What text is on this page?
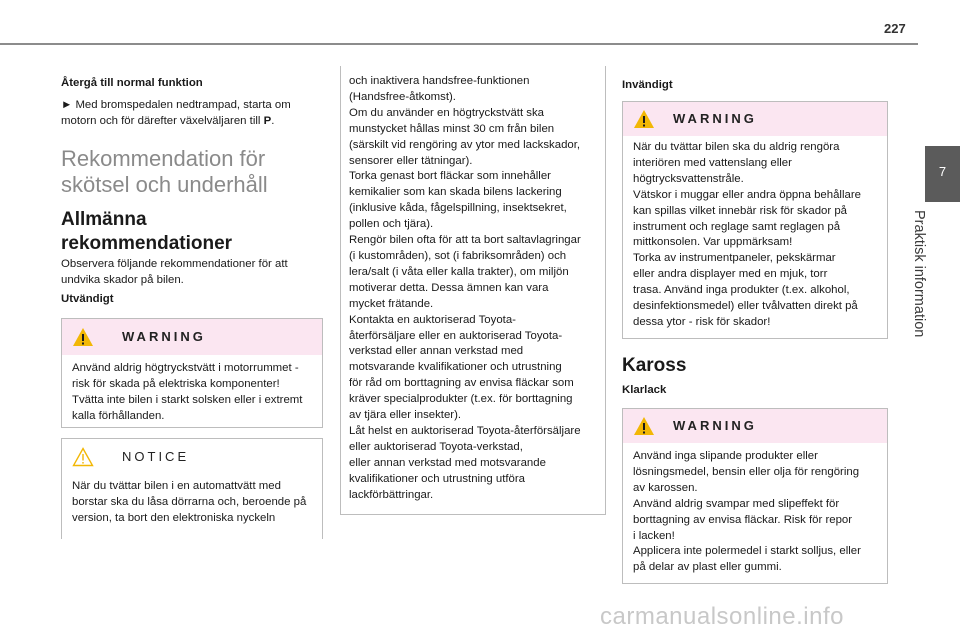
227
7
Praktisk information

Återgå till normal funktion

► Med bromspedalen nedtrampad, starta om motorn och för därefter växelväljaren till P.

Rekommendation för
skötsel och underhåll

Allmänna
rekommendationer

Observera följande rekommendationer för att undvika skador på bilen.

Utvändigt

WARNING

Använd aldrig högtryckstvätt i motorrummet - risk för skada på elektriska komponenter! Tvätta inte bilen i starkt solsken eller i extremt kalla förhållanden.

NOTICE

När du tvättar bilen i en automattvätt med borstar ska du låsa dörrarna och, beroende på version, ta bort den elektroniska nyckeln

och inaktivera handsfree-funktionen
(Handsfree-åtkomst).
Om du använder en högtryckstvätt ska
munstycket hållas minst 30 cm från bilen
(särskilt vid rengöring av ytor med lackskador,
sensorer eller tätningar).
Torka genast bort fläckar som innehåller
kemikalier som kan skada bilens lackering
(inklusive kåda, fågelspillning, insektsekret,
pollen och tjära).
Rengör bilen ofta för att ta bort saltavlagringar
(i kustområden), sot (i fabriksområden) och
lera/salt (i våta eller kalla trakter), om miljön
motiverar detta. Dessa ämnen kan vara
mycket frätande.
Kontakta en auktoriserad Toyota-
återförsäljare eller en auktoriserad Toyota-
verkstad eller annan verkstad med
motsvarande kvalifikationer och utrustning
för råd om borttagning av envisa fläckar som
kräver specialprodukter (t.ex. för borttagning
av tjära eller insekter).
Låt helst en auktoriserad Toyota-återförsäljare
eller auktoriserad Toyota-verkstad,
eller annan verkstad med motsvarande
kvalifikationer och utrustning utföra
lackförbättringar.

Invändigt

WARNING

När du tvättar bilen ska du aldrig rengöra
interiören med vattenslang eller
högtrycksvattenstråle.
Vätskor i muggar eller andra öppna behållare
kan spillas vilket innebär risk för skador på
instrument och reglage samt reglagen på
mittkonsolen. Var uppmärksam!
Torka av instrumentpaneler, pekskärmar
eller andra displayer med en mjuk, torr
trasa. Använd inga produkter (t.ex. alkohol,
desinfektionsmedel) eller tvålvatten direkt på
dessa ytor - risk för skador!

Kaross

Klarlack

WARNING

Använd inga slipande produkter eller
lösningsmedel, bensin eller olja för rengöring
av karossen.
Använd aldrig svampar med slipeffekt för
borttagning av envisa fläckar. Risk för repor
i lacken!
Applicera inte polermedel i starkt solljus, eller
på delar av plast eller gummi.

carmanualsonline.info
